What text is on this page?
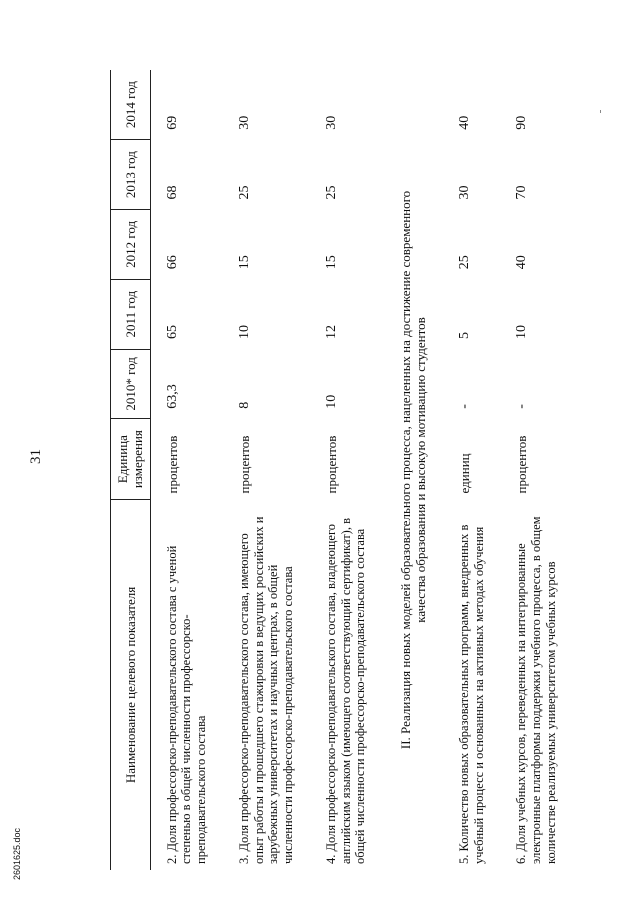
31
Наименование целевого показателя	Единица измерения	2010* год	2011 год	2012 год	2013 год	2014 год
2. Доля профессорско-преподавательского состава с ученой степенью в общей численности профессорско-преподавательского состава	процентов	63,3	65	66	68	69
3. Доля профессорско-преподавательского состава, имеющего опыт работы и прошедшего стажировки в ведущих российских и зарубежных университетах и научных центрах, в общей численности профессорско-преподавательского состава	процентов	8	10	15	25	30
4. Доля профессорско-преподавательского состава, владеющего английским языком (имеющего соответствующий сертификат), в общей численности профессорско-преподавательского состава	процентов	10	12	15	25	30
II. Реализация новых моделей образовательного процесса, нацеленных на достижение современного качества образования и высокую мотивацию студентов						
5. Количество новых образовательных программ, внедренных в учебный процесс и основанных на активных методах обучения	единиц	-	5	25	30	40
6. Доля учебных курсов, переведенных на интегрированные электронные платформы поддержки учебного процесса, в общем количестве реализуемых университетом учебных курсов	процентов	-	10	40	70	90
2601625.doc
